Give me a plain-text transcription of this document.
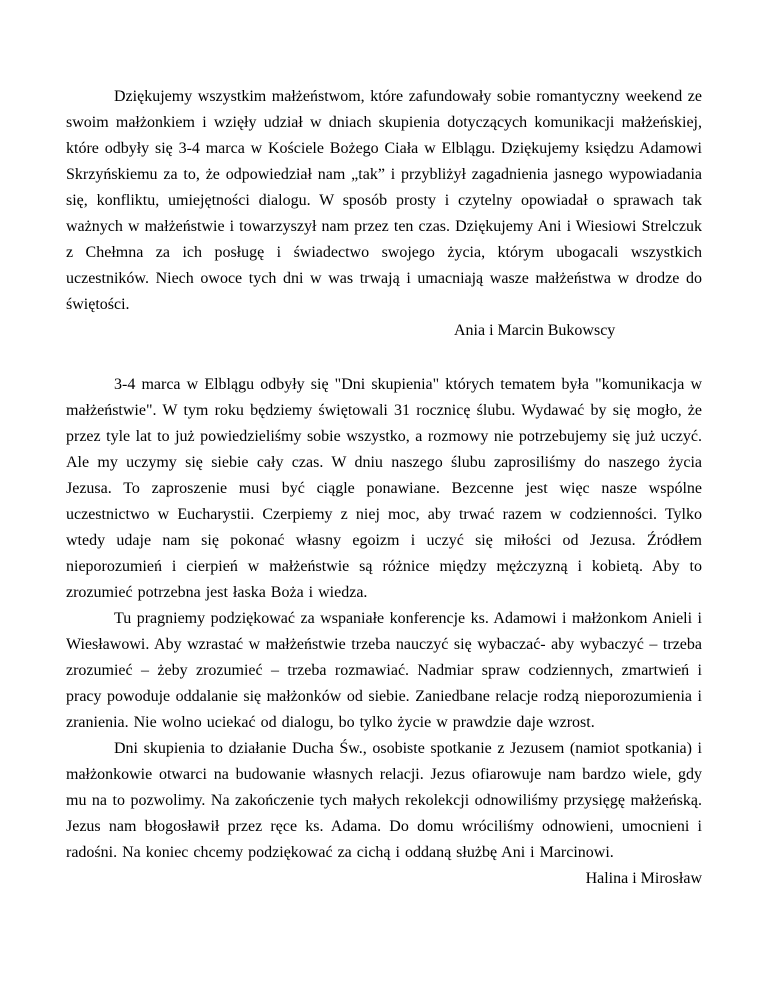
Dziękujemy wszystkim małżeństwom, które zafundowały sobie romantyczny weekend ze swoim małżonkiem i wzięły udział w dniach skupienia dotyczących komunikacji małżeńskiej, które odbyły się 3-4 marca w Kościele Bożego Ciała w Elblągu. Dziękujemy księdzu Adamowi Skrzyńskiemu za to, że odpowiedział nam „tak” i przybliżył zagadnienia jasnego wypowiadania się, konfliktu, umiejętności dialogu. W sposób prosty i czytelny opowiadał o sprawach tak ważnych w małżeństwie i towarzyszył nam przez ten czas. Dziękujemy Ani i Wiesiowi Strelczuk z Chełmna za ich posługę i świadectwo swojego życia, którym ubogacali wszystkich uczestników. Niech owoce tych dni w was trwają i umacniają wasze małżeństwa w drodze do świętości.

Ania i Marcin Bukowscy

3-4 marca w Elblągu odbyły się "Dni skupienia" których tematem była "komunikacja w małżeństwie". W tym roku będziemy świętowali 31 rocznicę ślubu. Wydawać by się mogło, że przez tyle lat to już powiedzieliśmy sobie wszystko, a rozmowy nie potrzebujemy się już uczyć. Ale my uczymy się siebie cały czas. W dniu naszego ślubu zaprosiliśmy do naszego życia Jezusa. To zaproszenie musi być ciągle ponawiane. Bezcenne jest więc nasze wspólne uczestnictwo w Eucharystii. Czerpiemy z niej moc, aby trwać razem w codzienności. Tylko wtedy udaje nam się pokonać własny egoizm i uczyć się miłości od Jezusa. Źródłem nieporozumień i cierpień w małżeństwie są różnice między mężczyzną i kobietą. Aby to zrozumieć potrzebna jest łaska Boża i wiedza.

Tu pragniemy podziękować za wspaniałe konferencje ks. Adamowi i małżonkom Anieli i Wiesławowi. Aby wzrastać w małżeństwie trzeba nauczyć się wybaczać- aby wybaczyć – trzeba zrozumieć – żeby zrozumieć – trzeba rozmawiać. Nadmiar spraw codziennych, zmartwień i pracy powoduje oddalanie się małżonków od siebie. Zaniedbane relacje rodzą nieporozumienia i zranienia. Nie wolno uciekać od dialogu, bo tylko życie w prawdzie daje wzrost.

Dni skupienia to działanie Ducha Św., osobiste spotkanie z Jezusem (namiot spotkania) i małżonkowie otwarci na budowanie własnych relacji. Jezus ofiarowuje nam bardzo wiele, gdy mu na to pozwolimy. Na zakończenie tych małych rekolekcji odnowiliśmy przysięgę małżeńską. Jezus nam błogosławił przez ręce ks. Adama. Do domu wróciliśmy odnowieni, umocnieni i radośni. Na koniec chcemy podziękować za cichą i oddaną służbę Ani i Marcinowi.

Halina i Mirosław
